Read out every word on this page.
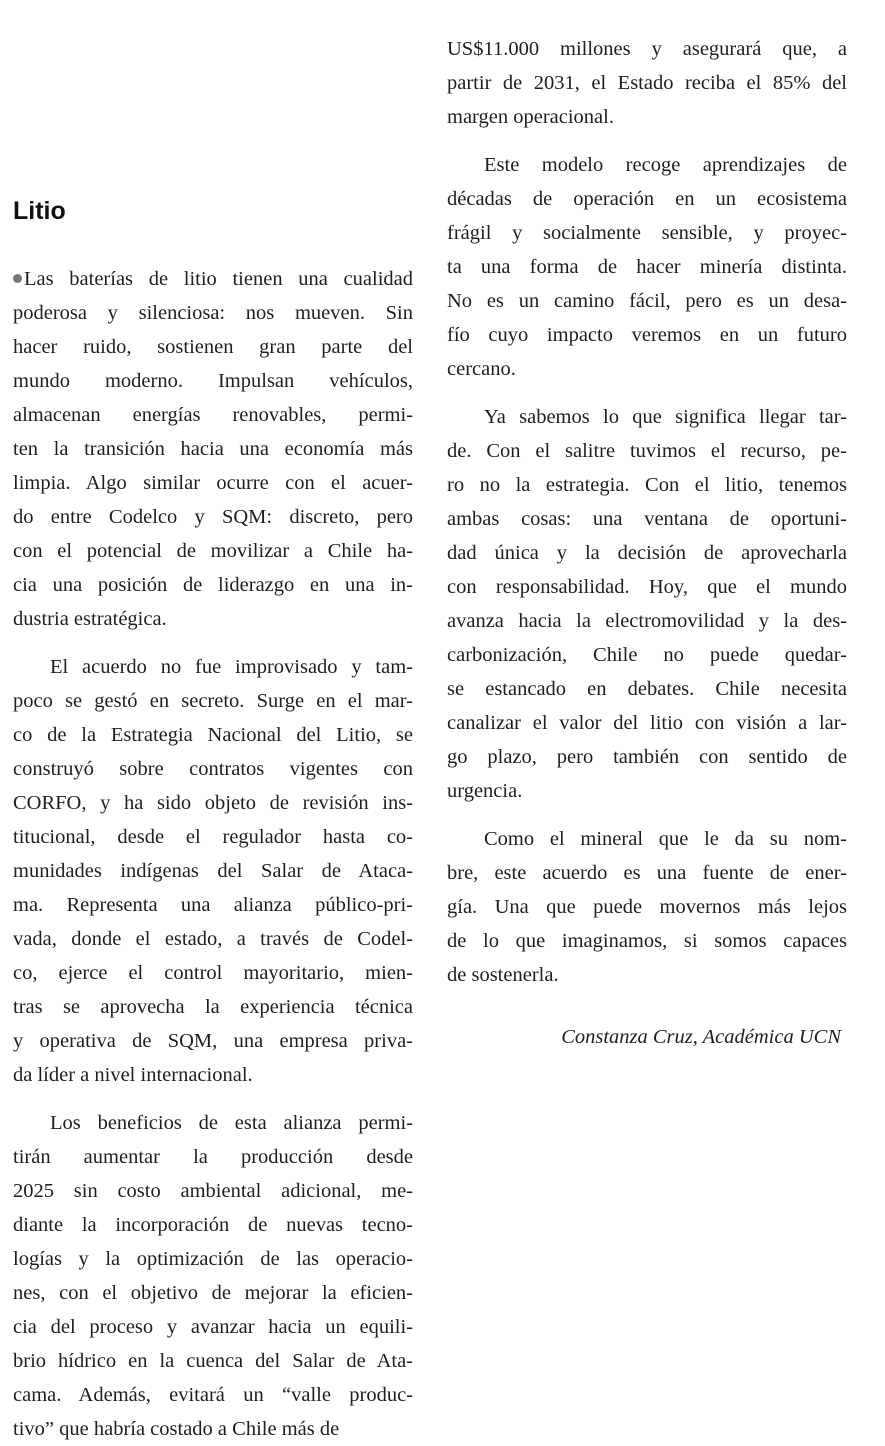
Litio
Las baterías de litio tienen una cualidad
poderosa y silenciosa: nos mueven. Sin
hacer ruido, sostienen gran parte del
mundo moderno. Impulsan vehículos,
almacenan energías renovables, permi-
ten la transición hacia una economía más
limpia. Algo similar ocurre con el acuer-
do entre Codelco y SQM: discreto, pero
con el potencial de movilizar a Chile ha-
cia una posición de liderazgo en una in-
dustria estratégica.
El acuerdo no fue improvisado y tam-
poco se gestó en secreto. Surge en el mar-
co de la Estrategia Nacional del Litio, se
construyó sobre contratos vigentes con
CORFO, y ha sido objeto de revisión ins-
titucional, desde el regulador hasta co-
munidades indígenas del Salar de Ataca-
ma. Representa una alianza público-pri-
vada, donde el estado, a través de Codel-
co, ejerce el control mayoritario, mien-
tras se aprovecha la experiencia técnica
y operativa de SQM, una empresa priva-
da líder a nivel internacional.
Los beneficios de esta alianza permi-
tirán aumentar la producción desde
2025 sin costo ambiental adicional, me-
diante la incorporación de nuevas tecno-
logías y la optimización de las operacio-
nes, con el objetivo de mejorar la eficien-
cia del proceso y avanzar hacia un equili-
brio hídrico en la cuenca del Salar de Ata-
cama. Además, evitará un “valle produc-
tivo” que habría costado a Chile más de
US$11.000 millones y asegurará que, a
partir de 2031, el Estado reciba el 85% del
margen operacional.
Este modelo recoge aprendizajes de
décadas de operación en un ecosistema
frágil y socialmente sensible, y proyec-
ta una forma de hacer minería distinta.
No es un camino fácil, pero es un desa-
fío cuyo impacto veremos en un futuro
cercano.
Ya sabemos lo que significa llegar tar-
de. Con el salitre tuvimos el recurso, pe-
ro no la estrategia. Con el litio, tenemos
ambas cosas: una ventana de oportuni-
dad única y la decisión de aprovecharla
con responsabilidad. Hoy, que el mundo
avanza hacia la electromovilidad y la des-
carbonización, Chile no puede quedar-
se estancado en debates. Chile necesita
canalizar el valor del litio con visión a lar-
go plazo, pero también con sentido de
urgencia.
Como el mineral que le da su nom-
bre, este acuerdo es una fuente de ener-
gía. Una que puede movernos más lejos
de lo que imaginamos, si somos capaces
de sostenerla.
Constanza Cruz, Académica UCN
